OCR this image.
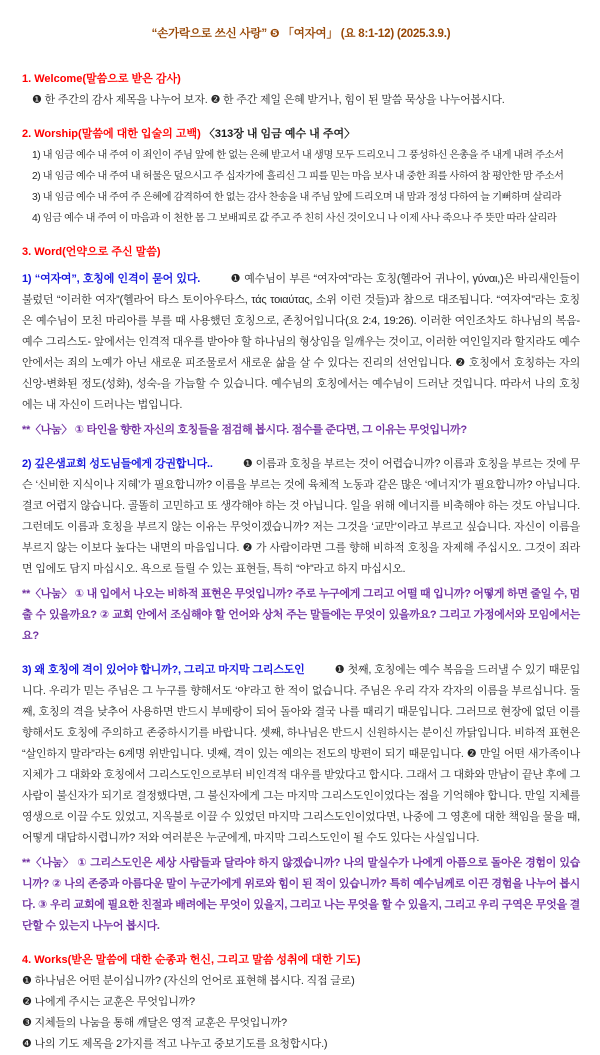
“손가락으로 쓰신 사랑” ❺ 「여자여」 (요 8:1-12) (2025.3.9.)

1. Welcome(말씀으로 받은 감사)

❶ 한 주간의 감사 제목을 나누어 보자. ❷ 한 주간 제일 은혜 받거나, 힘이 된 말씀 묵상을 나누어봅시다.

2. Worship(말씀에 대한 입술의 고백) 〈313장 내 임금 예수 내 주여〉

1) 내 임금 예수 내 주여 이 죄인이 주님 앞에 한 없는 은혜 받고서 내 생명 모두 드리오니 그 풍성하신 은총을 주 내게 내려 주소서
2) 내 임금 예수 내 주여 내 허물은 덮으시고 주 십자가에 흘리신 그 피를 믿는 마음 보사 내 중한 죄를 사하여 참 평안한 맘 주소서
3) 내 임금 예수 내 주여 주 은혜에 감격하여 한 없는 감사 찬송을 내 주님 앞에 드리오며 내 맘과 정성 다하여 늘 기뻐하며 살리라
4) 임금 예수 내 주여 이 마음과 이 천한 몸 그 보배피로 값 주고 주 친히 사신 것이오니 나 이제 사나 죽으나 주 뜻만 따라 살리라

3. Word(언약으로 주신 말씀)

1) “여자여”, 호칭에 인격이 묻어 있다.	❶ 예수님이 부른 “여자여”라는 호칭(헬라어 귀나이, γύναι,)은 바리새인들이 불렀던 “이러한 여자”(헬라어 타스 토이아우타스, τάς τοιαύτας, 소위 이런 것들)과 참으로 대조됩니다. “여자여”라는 호칭은 예수님이 모친 마리아를 부를 때 사용했던 호칭으로, 존칭어입니다(요 2:4, 19:26). 이러한 여인조차도 하나님의 복음-예수 그리스도- 앞에서는 인격적 대우를 받아야 할 하나님의 형상임을 일깨우는 것이고, 이러한 여인일지라 할지라도 예수 안에서는 죄의 노예가 아닌 새로운 피조물로서 새로운 삶을 살 수 있다는 진리의 선언입니다. ❷ 호칭에서 호칭하는 자의 신앙-변화된 정도(성화), 성숙-을 가늠할 수 있습니다. 예수님의 호칭에서는 예수님이 드러난 것입니다. 따라서 나의 호칭에는 내 자신이 드러나는 법입니다.

**〈나눔〉 ① 타인을 향한 자신의 호칭들을 점검해 봅시다. 점수를 준다면, 그 이유는 무엇입니까?

2) 깊은샘교회 성도님들에게 강권합니다..	❶ 이름과 호칭을 부르는 것이 어렵습니까? 이름과 호칭을 부르는 것에 무슨 ‘신비한 지식이나 지혜’가 필요합니까? 이름을 부르는 것에 육체적 노동과 같은 많은 ‘에너지’가 필요합니까? 아닙니다. 결코 어렵지 않습니다. 골똘히 고민하고 또 생각해야 하는 것 아닙니다. 일을 위해 에너지를 비축해야 하는 것도 아닙니다. 그런데도 이름과 호칭을 부르지 않는 이유는 무엇이겠습니까? 저는 그것을 ‘교만’이라고 부르고 싶습니다. 자신이 이름을 부르지 않는 이보다 높다는 내면의 마음입니다. ❷ 가 사람이라면 그를 향해 비하적 호칭을 자제해 주십시오. 그것이 죄라면 입에도 담지 마십시오. 욕으로 들릴 수 있는 표현들, 특히 “야”라고 하지 마십시오.

**〈나눔〉 ① 내 입에서 나오는 비하적 표현은 무엇입니까? 주로 누구에게 그리고 어떨 때 입니까? 어떻게 하면 줄일 수, 멈출 수 있을까요? ② 교회 안에서 조심해야 할 언어와 상처 주는 말들에는 무엇이 있을까요? 그리고 가정에서와 모임에서는요?

3) 왜 호칭에 격이 있어야 합니까?, 그리고 마지막 그리스도인	❶ 첫째, 호칭에는 예수 복음을 드러낼 수 있기 때문입니다. 우리가 믿는 주님은 그 누구를 향해서도 ‘야’라고 한 적이 없습니다. 주님은 우리 각자 각자의 이름을 부르십니다. 둘째, 호칭의 격을 낮추어 사용하면 반드시 부메랑이 되어 돌아와 결국 나를 때리기 때문입니다. 그러므로 현장에 없던 이를 향해서도 호칭에 주의하고 존중하시기를 바랍니다. 셋째, 하나님은 반드시 신원하시는 분이신 까닭입니다. 비하적 표현은 “살인하지 말라”라는 6계명 위반입니다. 넷째, 격이 있는 예의는 전도의 방편이 되기 때문입니다. ❷ 만일 어떤 새가족이나 지체가 그 대화와 호칭에서 그리스도인으로부터 비인격적 대우를 받았다고 합시다. 그래서 그 대화와 만남이 끝난 후에 그 사람이 불신자가 되기로 결정했다면, 그 불신자에게 그는 마지막 그리스도인이었다는 점을 기억해야 합니다. 만일 지체를 영생으로 이끌 수도 있었고, 지옥불로 이끌 수 있었던 마지막 그리스도인이었다면, 나중에 그 영혼에 대한 책임을 물을 때, 어떻게 대답하시렵니까? 저와 여러분은 누군에게, 마지막 그리스도인이 될 수도 있다는 사실입니다.

**〈나눔〉 ① 그리스도인은 세상 사람들과 달라야 하지 않겠습니까? 나의 말실수가 나에게 아픔으로 돌아온 경험이 있습니까? ② 나의 존중과 아름다운 말이 누군가에게 위로와 힘이 된 적이 있습니까? 특히 예수님께로 이끈 경험을 나누어 봅시다. ③ 우리 교회에 필요한 친절과 배려에는 무엇이 있을지, 그리고 나는 무엇을 할 수 있을지, 그리고 우리 구역은 무엇을 결단할 수 있는지 나누어 봅시다.

4. Works(받은 말씀에 대한 순종과 헌신, 그리고 말씀 성취에 대한 기도)

❶ 하나님은 어떤 분이십니까? (자신의 언어로 표현해 봅시다. 직접 글로)
❷ 나에게 주시는 교훈은 무엇입니까?
❸ 지체들의 나눔을 통해 깨달은 영적 교훈은 무엇입니까?
❹ 나의 기도 제목을 2가지를 적고 나누고 중보기도를 요청합시다.)
